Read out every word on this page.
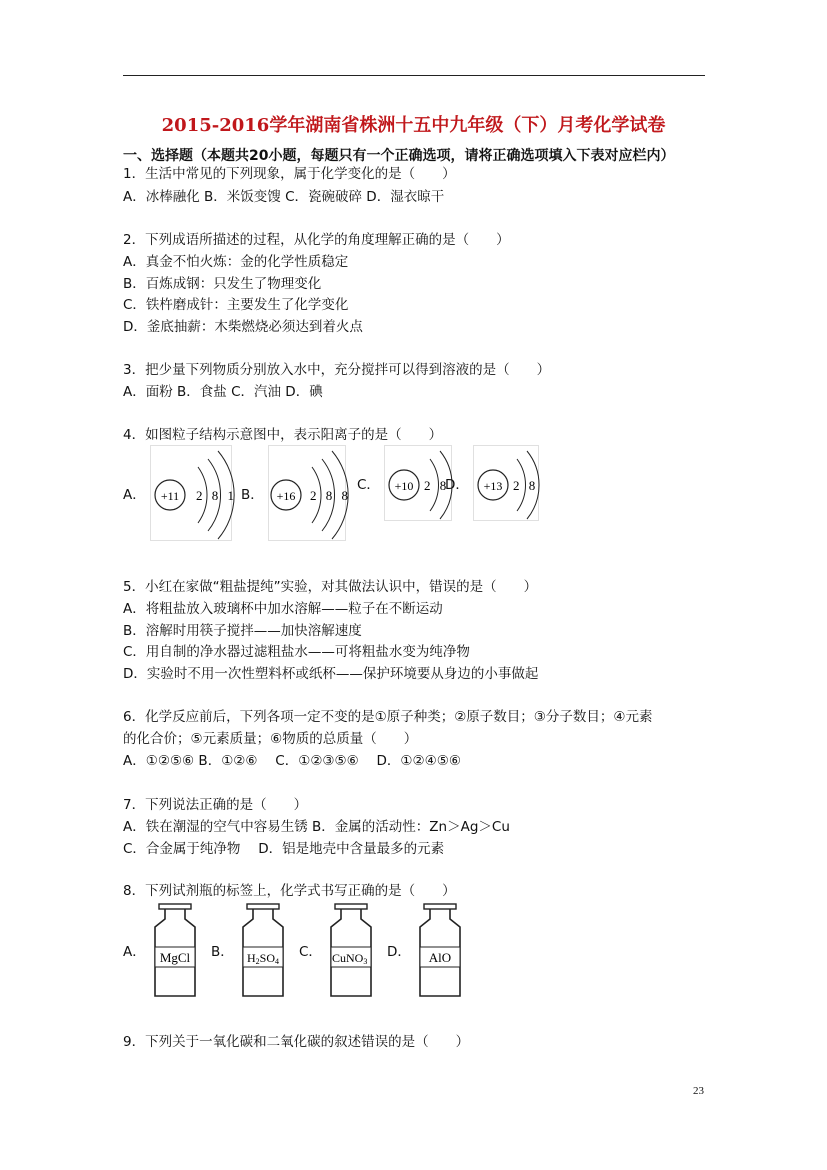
2015-2016学年湖南省株洲十五中九年级（下）月考化学试卷
一、选择题（本题共20小题，每题只有一个正确选项，请将正确选项填入下表对应栏内）
1．生活中常见的下列现象，属于化学变化的是（　　）
A．冰棒融化 B．米饭变馊 C．瓷碗破碎 D．湿衣晾干
2．下列成语所描述的过程，从化学的角度理解正确的是（　　）
A．真金不怕火炼：金的化学性质稳定
B．百炼成钢：只发生了物理变化
C．铁杵磨成针：主要发生了化学变化
D．釜底抽薪：木柴燃烧必须达到着火点
3．把少量下列物质分别放入水中，充分搅拌可以得到溶液的是（　　）
A．面粉 B．食盐 C．汽油 D．碘
4．如图粒子结构示意图中，表示阳离子的是（　　）
A． +11 2 8 1 B． +16 2 8 8
C． +10 2 8
D． +13 2 8
5．小红在家做“粗盐提纯”实验，对其做法认识中，错误的是（　　）
A．将粗盐放入玻璃杯中加水溶解——粒子在不断运动
B．溶解时用筷子搅拌——加快溶解速度
C．用自制的净水器过滤粗盐水——可将粗盐水变为纯净物
D．实验时不用一次性塑料杯或纸杯——保护环境要从身边的小事做起
6．化学反应前后，下列各项一定不变的是①原子种类；②原子数目；③分子数目；④元素
的化合价；⑤元素质量；⑥物质的总质量（　　）
A．①②⑤⑥ B．①②⑥　 C．①②③⑤⑥　 D．①②④⑤⑥
7．下列说法正确的是（　　）
A．铁在潮湿的空气中容易生锈 B．金属的活动性：Zn＞Ag＞Cu
C．合金属于纯净物　 D．铝是地壳中含量最多的元素
8．下列试剂瓶的标签上，化学式书写正确的是（　　）
A． MgCl B． H2SO4
C． CuNO3
D． AlO
9．下列关于一氧化碳和二氧化碳的叙述错误的是（　　）
23
